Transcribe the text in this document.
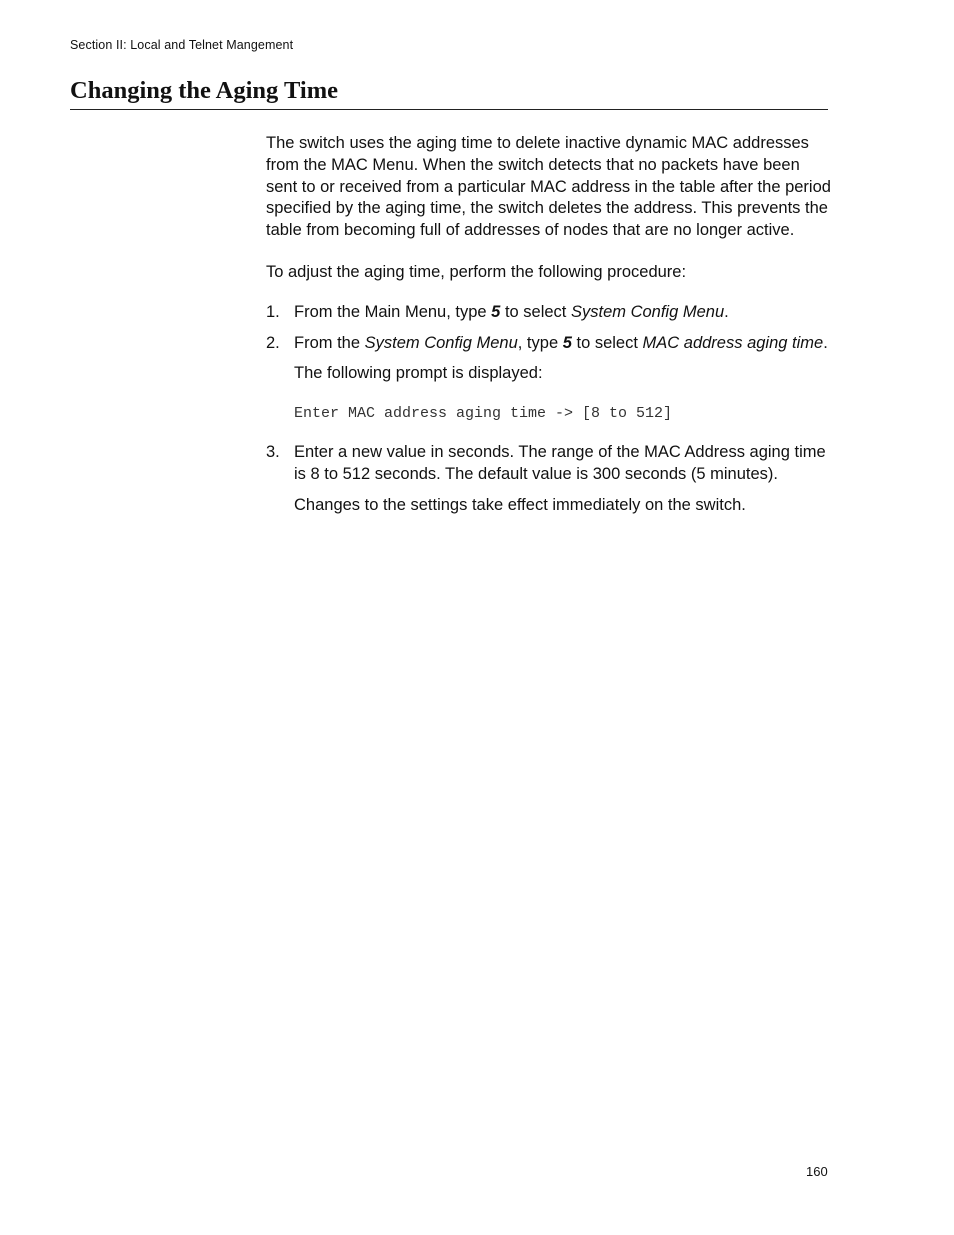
Section II: Local and Telnet Mangement
Changing the Aging Time

The switch uses the aging time to delete inactive dynamic MAC addresses from the MAC Menu. When the switch detects that no packets have been sent to or received from a particular MAC address in the table after the period specified by the aging time, the switch deletes the address. This prevents the table from becoming full of addresses of nodes that are no longer active.

To adjust the aging time, perform the following procedure:

1. From the Main Menu, type 5 to select System Config Menu.

2. From the System Config Menu, type 5 to select MAC address aging time.

The following prompt is displayed:

Enter MAC address aging time -> [8 to 512]

3. Enter a new value in seconds. The range of the MAC Address aging time is 8 to 512 seconds. The default value is 300 seconds (5 minutes).

Changes to the settings take effect immediately on the switch.

160
